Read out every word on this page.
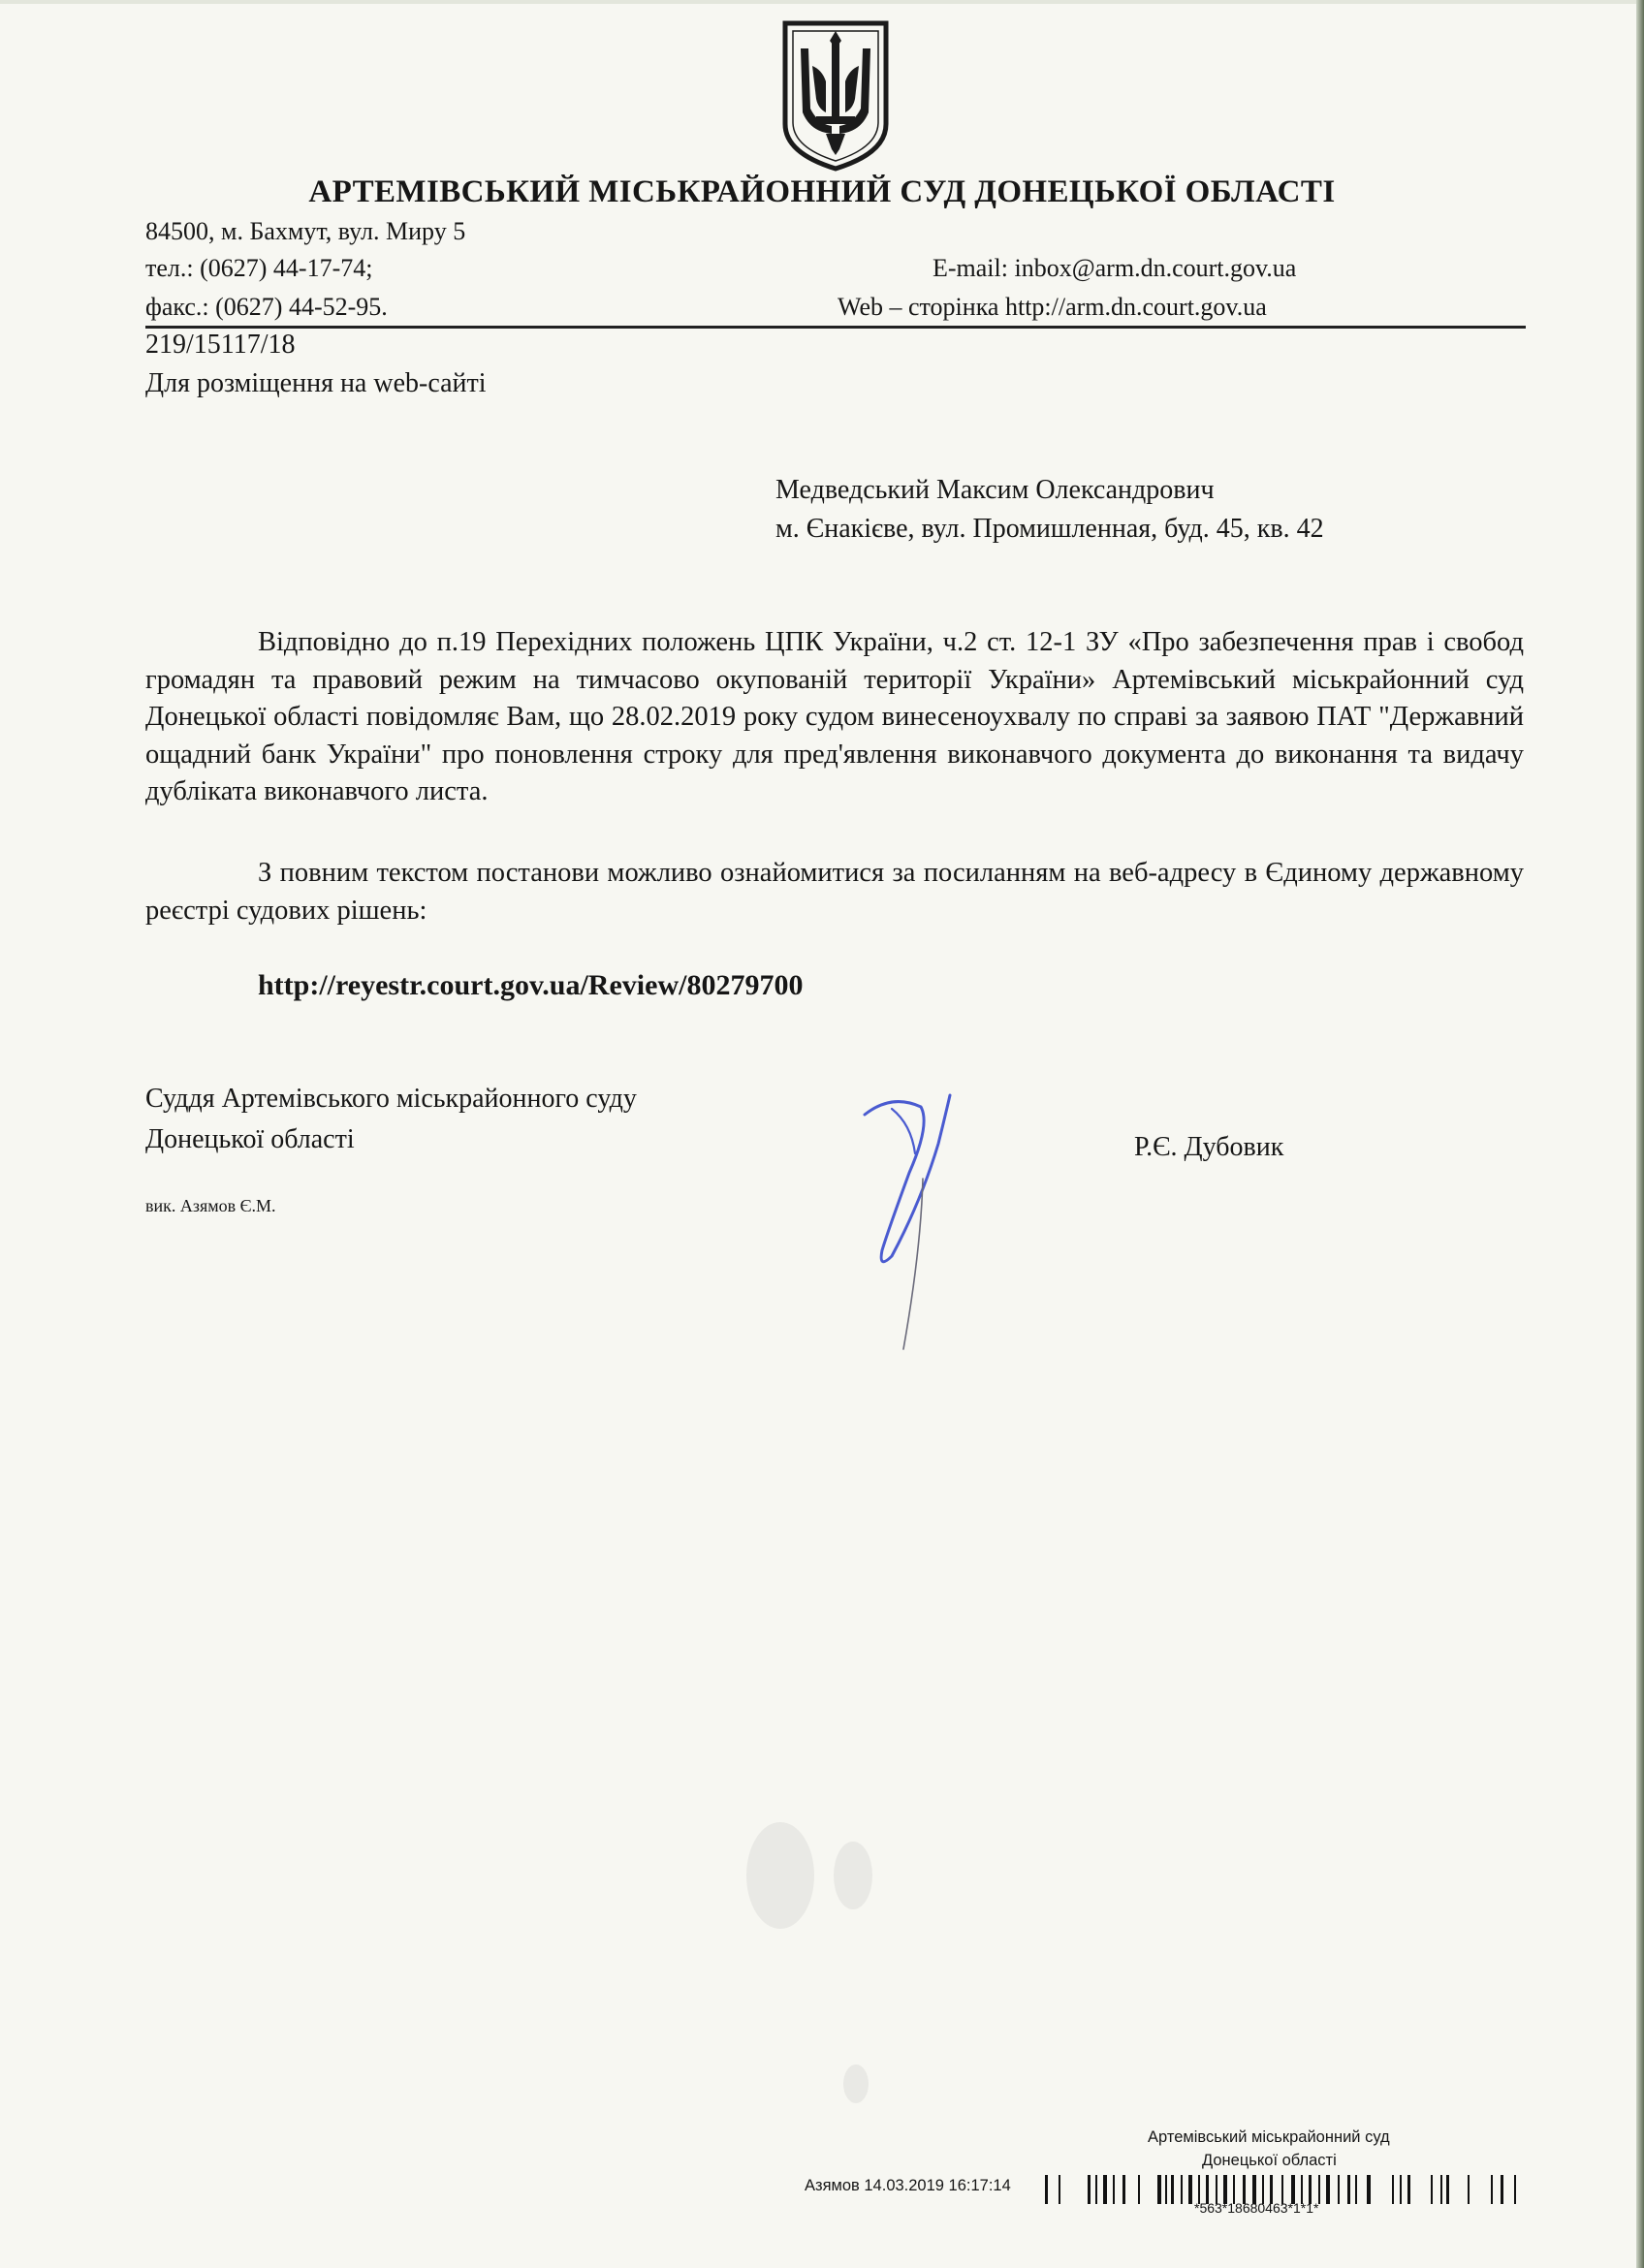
АРТЕМІВСЬКИЙ МІСЬКРАЙОННИЙ СУД ДОНЕЦЬКОЇ ОБЛАСТІ
84500, м. Бахмут, вул. Миру 5
тел.: (0627) 44-17-74;	E-mail: inbox@arm.dn.court.gov.ua
факс.: (0627) 44-52-95.	Web – сторінка http://arm.dn.court.gov.ua
219/15117/18
Для розміщення на web-сайті
Медведський Максим Олександрович
м. Єнакієве, вул. Промишленная, буд. 45, кв. 42
Відповідно до п.19 Перехідних положень ЦПК України, ч.2 ст. 12-1 ЗУ «Про забезпечення прав і свобод громадян та правовий режим на тимчасово окупованій території України» Артемівський міськрайонний суд Донецької області повідомляє Вам, що 28.02.2019 року судом винесеноухвалу по справі за заявою ПАТ "Державний ощадний банк України" про поновлення строку для пред'явлення виконавчого документа до виконання та видачу дубліката виконавчого листа.
З повним текстом постанови можливо ознайомитися за посиланням на веб-адресу в Єдиному державному реєстрі судових рішень:
http://reyestr.court.gov.ua/Review/80279700
Суддя Артемівського міськрайонного суду
Донецької області	Р.Є. Дубовик
вик. Азямов Є.М.
Артемівський міськрайонний суд
Донецької області
Азямов 14.03.2019 16:17:14
*563*18680463*1*1*
